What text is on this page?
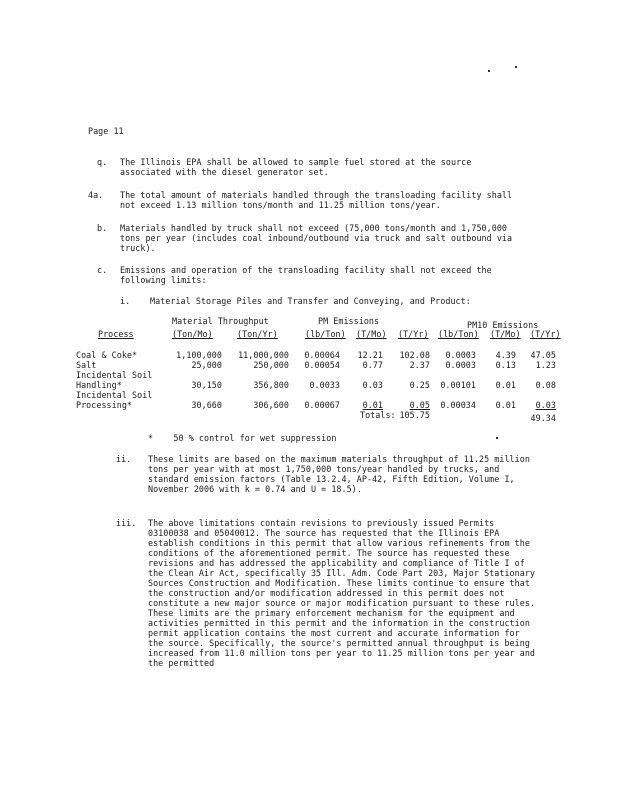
Page 11
q. The Illinois EPA shall be allowed to sample fuel stored at the source associated with the diesel generator set.
4a. The total amount of materials handled through the transloading facility shall not exceed 1.13 million tons/month and 11.25 million tons/year.
b. Materials handled by truck shall not exceed (75,000 tons/month and 1,750,000 tons per year (includes coal inbound/outbound via truck and salt outbound via truck).
c. Emissions and operation of the transloading facility shall not exceed the following limits:
i. Material Storage Piles and Transfer and Conveying, and Product:
Material Throughput	PM Emissions	PM10 Emissions
Process	(Ton/Mo)	(Ton/Yr)	(lb/Ton) (T/Mo) (T/Yr) (lb/Ton) (T/Mo) (T/Yr)
Coal & Coke*	1,100,000	11,000,000	0.00064	12.21	102.08	0.0003	4.39	47.05
Salt	25,000	250,000	0.00054	0.77	2.37	0.0003	0.13	1.23
Incidental Soil
Handling*	30,150	356,800	0.0033	0.03	0.25	0.00101	0.01	0.08
Incidental Soil
Processing*	30,660	306,600	0.00067	0.01	0.05	0.00034	0.01	0.03
Totals: 105.75	49.34
*    50 % control for wet suppression
ii. These limits are based on the maximum materials throughput of 11.25 million tons per year with at most 1,750,000 tons/year handled by trucks, and standard emission factors (Table 13.2.4, AP-42, Fifth Edition, Volume I, November 2006 with k = 0.74 and U = 18.5).
iii. The above limitations contain revisions to previously issued Permits 03100038 and 05040012. The source has requested that the Illinois EPA establish conditions in this permit that allow various refinements from the conditions of the aforementioned permit. The source has requested these revisions and has addressed the applicability and compliance of Title I of the Clean Air Act, specifically 35 Ill. Adm. Code Part 203, Major Stationary Sources Construction and Modification. These limits continue to ensure that the construction and/or modification addressed in this permit does not constitute a new major source or major modification pursuant to these rules. These limits are the primary enforcement mechanism for the equipment and activities permitted in this permit and the information in the construction permit application contains the most current and accurate information for the source. Specifically, the source's permitted annual throughput is being increased from 11.0 million tons per year to 11.25 million tons per year and the permitted
